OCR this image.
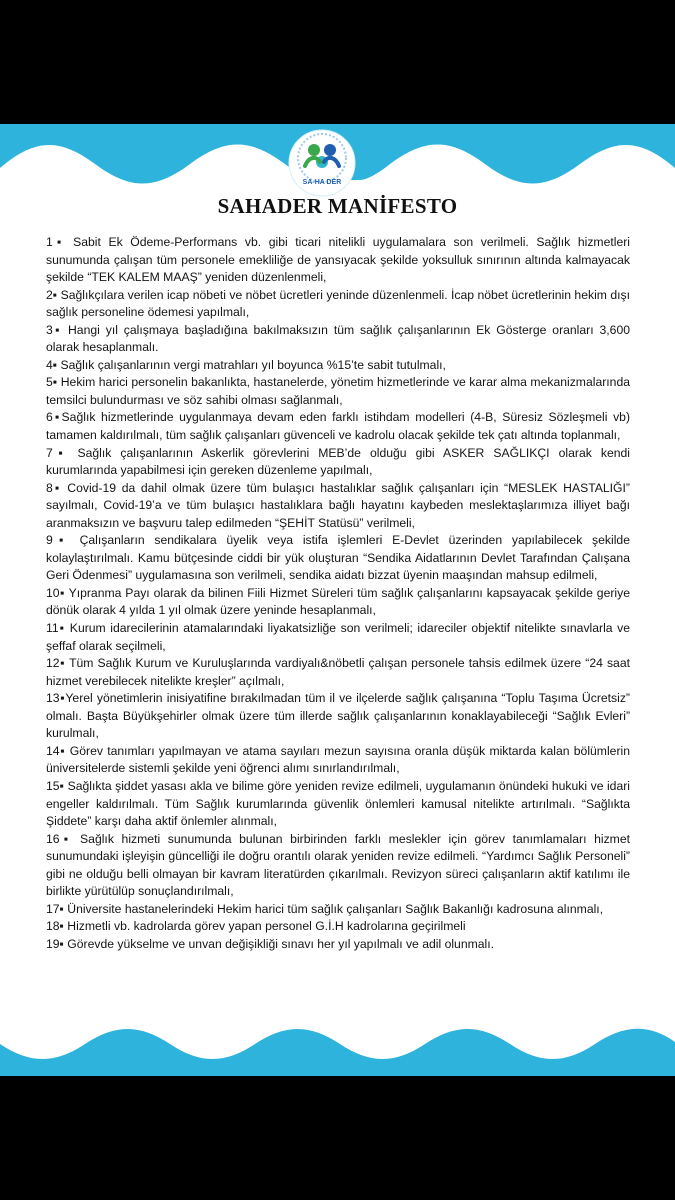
SA-HA DER
SAHADER MANİFESTO
1▪ Sabit Ek Ödeme-Performans vb. gibi ticari nitelikli uygulamalara son verilmeli. Sağlık hizmetleri sunumunda çalışan tüm personele emekliliğe de yansıyacak şekilde yoksulluk sınırının altında kalmayacak şekilde “TEK KALEM MAAŞ” yeniden düzenlenmeli,
2▪ Sağlıkçılara verilen icap nöbeti ve nöbet ücretleri yeninde düzenlenmeli. İcap nöbet ücretlerinin hekim dışı sağlık personeline ödemesi yapılmalı,
3▪ Hangi yıl çalışmaya başladığına bakılmaksızın tüm sağlık çalışanlarının Ek Gösterge oranları 3,600 olarak hesaplanmalı.
4▪ Sağlık çalışanlarının vergi matrahları yıl boyunca %15’te sabit tutulmalı,
5▪ Hekim harici personelin bakanlıkta, hastanelerde, yönetim hizmetlerinde ve karar alma mekanizmalarında temsilci bulundurması ve söz sahibi olması sağlanmalı,
6▪Sağlık hizmetlerinde uygulanmaya devam eden farklı istihdam modelleri (4-B, Süresiz Sözleşmeli vb) tamamen kaldırılmalı, tüm sağlık çalışanları güvenceli ve kadrolu olacak şekilde tek çatı altında toplanmalı,
7▪ Sağlık çalışanlarının Askerlik görevlerini MEB’de olduğu gibi ASKER SAĞLIKÇI olarak kendi kurumlarında yapabilmesi için gereken düzenleme yapılmalı,
8▪ Covid-19 da dahil olmak üzere tüm bulaşıcı hastalıklar sağlık çalışanları için “MESLEK HASTALIĞI” sayılmalı, Covid-19’a ve tüm bulaşıcı hastalıklara bağlı hayatını kaybeden meslektaşlarımıza illiyet bağı aranmaksızın ve başvuru talep edilmeden “ŞEHİT Statüsü” verilmeli,
9▪ Çalışanların sendikalara üyelik veya istifa işlemleri E-Devlet üzerinden yapılabilecek şekilde kolaylaştırılmalı. Kamu bütçesinde ciddi bir yük oluşturan “Sendika Aidatlarının Devlet Tarafından Çalışana Geri Ödenmesi” uygulamasına son verilmeli, sendika aidatı bizzat üyenin maaşından mahsup edilmeli,
10▪ Yıpranma Payı olarak da bilinen Fiili Hizmet Süreleri tüm sağlık çalışanlarını kapsayacak şekilde geriye dönük olarak 4 yılda 1 yıl olmak üzere yeninde hesaplanmalı,
11▪ Kurum idarecilerinin atamalarındaki liyakatsizliğe son verilmeli; idareciler objektif nitelikte sınavlarla ve şeffaf olarak seçilmeli,
12▪ Tüm Sağlık Kurum ve Kuruluşlarında vardiyalı&nöbetli çalışan personele tahsis edilmek üzere “24 saat hizmet verebilecek nitelikte kreşler” açılmalı,
13▪Yerel yönetimlerin inisiyatifine bırakılmadan tüm il ve ilçelerde sağlık çalışanına “Toplu Taşıma Ücretsiz” olmalı. Başta Büyükşehirler olmak üzere tüm illerde sağlık çalışanlarının konaklayabileceği “Sağlık Evleri” kurulmalı,
14▪ Görev tanımları yapılmayan ve atama sayıları mezun sayısına oranla düşük miktarda kalan bölümlerin üniversitelerde sistemli şekilde yeni öğrenci alımı sınırlandırılmalı,
15▪ Sağlıkta şiddet yasası akla ve bilime göre yeniden revize edilmeli, uygulamanın önündeki hukuki ve idari engeller kaldırılmalı. Tüm Sağlık kurumlarında güvenlik önlemleri kamusal nitelikte artırılmalı. “Sağlıkta Şiddete” karşı daha aktif önlemler alınmalı,
16▪ Sağlık hizmeti sunumunda bulunan birbirinden farklı meslekler için görev tanımlamaları hizmet sunumundaki işleyişin güncelliği ile doğru orantılı olarak yeniden revize edilmeli. “Yardımcı Sağlık Personeli” gibi ne olduğu belli olmayan bir kavram literatürden çıkarılmalı. Revizyon süreci çalışanların aktif katılımı ile birlikte yürütülüp sonuçlandırılmalı,
17▪ Üniversite hastanelerindeki Hekim harici tüm sağlık çalışanları Sağlık Bakanlığı kadrosuna alınmalı,
18▪ Hizmetli vb. kadrolarda görev yapan personel G.İ.H kadrolarına geçirilmeli
19▪ Görevde yükselme ve unvan değişikliği sınavı her yıl yapılmalı ve adil olunmalı.
